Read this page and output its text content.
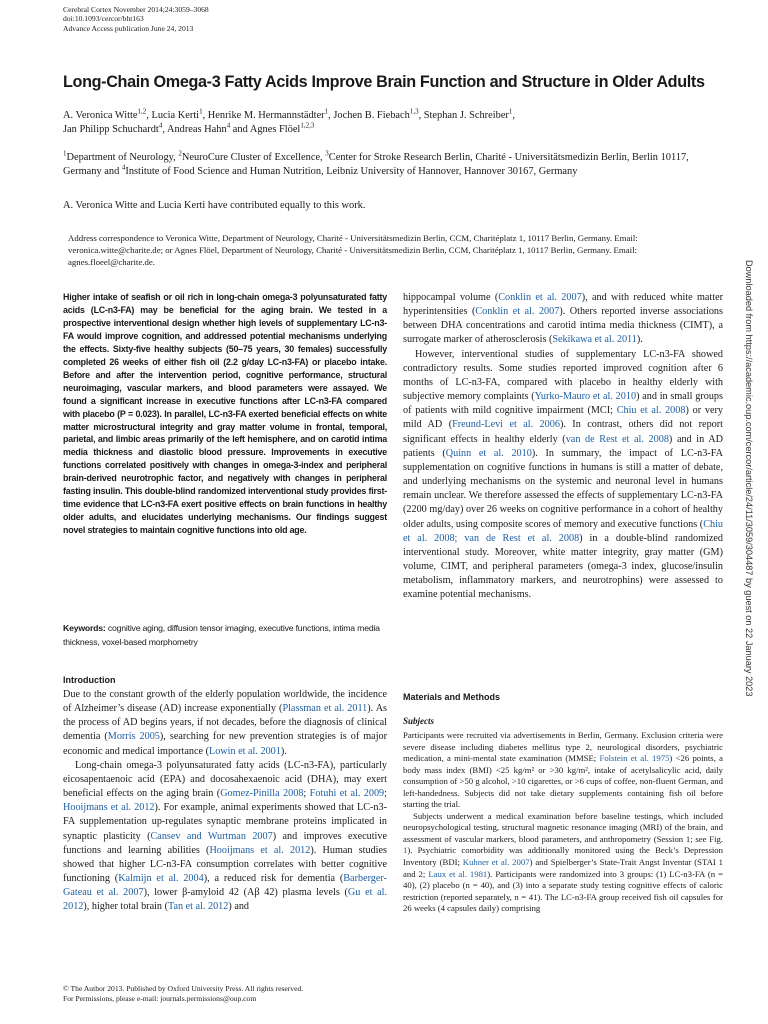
Cerebral Cortex November 2014;24:3059–3068
doi:10.1093/cercor/bht163
Advance Access publication June 24, 2013
Long-Chain Omega-3 Fatty Acids Improve Brain Function and Structure in Older Adults
A. Veronica Witte$^{1,2}$, Lucia Kerti$^1$, Henrike M. Hermannstädter$^1$, Jochen B. Fiebach$^{1,3}$, Stephan J. Schreiber$^1$,
Jan Philipp Schuchardt$^4$, Andreas Hahn$^4$ and Agnes Flöel$^{1,2,3}$
$^1$Department of Neurology, $^2$NeuroCure Cluster of Excellence, $^3$Center for Stroke Research Berlin, Charité - Universitätsmedizin Berlin, Berlin 10117, Germany and $^4$Institute of Food Science and Human Nutrition, Leibniz University of Hannover, Hannover 30167, Germany
A. Veronica Witte and Lucia Kerti have contributed equally to this work.
Address correspondence to Veronica Witte, Department of Neurology, Charité - Universitätsmedizin Berlin, CCM, Charitéplatz 1, 10117 Berlin, Germany. Email: veronica.witte@charite.de; or Agnes Flöel, Department of Neurology, Charité - Universitätsmedizin Berlin, CCM, Charitéplatz 1, 10117 Berlin, Germany. Email: agnes.floeel@charite.de.	Downloaded from https://academic.oup.com/cercor/article/24/11/3059/304487 by guest on 22 January 2023

Higher intake of seafish or oil rich in long-chain omega-3 polyunsaturated fatty acids (LC-n3-FA) may be beneficial for the aging brain. We tested in a prospective interventional design whether high levels of supplementary LC-n3-FA would improve cognition, and addressed potential mechanisms underlying the effects. Sixty-five healthy subjects (50–75 years, 30 females) successfully completed 26 weeks of either fish oil (2.2 g/day LC-n3-FA) or placebo intake. Before and after the intervention period, cognitive performance, structural neuroimaging, vascular markers, and blood parameters were assayed. We found a significant increase in executive functions after LC-n3-FA compared with placebo (P = 0.023). In parallel, LC-n3-FA exerted beneficial effects on white matter microstructural integrity and gray matter volume in frontal, temporal, parietal, and limbic areas primarily of the left hemisphere, and on carotid intima media thickness and diastolic blood pressure. Improvements in executive functions correlated positively with changes in omega-3-index and peripheral brain-derived neurotrophic factor, and negatively with changes in peripheral fasting insulin. This double-blind randomized interventional study provides first-time evidence that LC-n3-FA exert positive effects on brain functions in healthy older adults, and elucidates underlying mechanisms. Our findings suggest novel strategies to maintain cognitive functions into old age.

Keywords: cognitive aging, diffusion tensor imaging, executive functions, intima media thickness, voxel-based morphometry

Introduction

Due to the constant growth of the elderly population worldwide, the incidence of Alzheimer’s disease (AD) increase exponentially (Plassman et al. 2011). As the process of AD begins years, if not decades, before the diagnosis of clinical dementia (Morris 2005), searching for new prevention strategies is of major economic and medical importance (Lowin et al. 2001).

Long-chain omega-3 polyunsaturated fatty acids (LC-n3-FA), particularly eicosapentaenoic acid (EPA) and docosahexaenoic acid (DHA), may exert beneficial effects on the aging brain (Gomez-Pinilla 2008; Fotuhi et al. 2009; Hooijmans et al. 2012). For example, animal experiments showed that LC-n3-FA supplementation up-regulates synaptic membrane proteins implicated in synaptic plasticity (Cansev and Wurtman 2007) and improves executive functions and learning abilities (Hooijmans et al. 2012). Human studies showed that higher LC-n3-FA consumption correlates with better cognitive functioning (Kalmijn et al. 2004), a reduced risk for dementia (Barberger-Gateau et al. 2007), lower β-amyloid 42 (Aβ 42) plasma levels (Gu et al. 2012), higher total brain (Tan et al. 2012) and

hippocampal volume (Conklin et al. 2007), and with reduced white matter hyperintensities (Conklin et al. 2007). Others reported inverse associations between DHA concentrations and carotid intima media thickness (CIMT), a surrogate marker of atherosclerosis (Sekikawa et al. 2011).

However, interventional studies of supplementary LC-n3-FA showed contradictory results. Some studies reported improved cognition after 6 months of LC-n3-FA, compared with placebo in healthy elderly with subjective memory complaints (Yurko-Mauro et al. 2010) and in small groups of patients with mild cognitive impairment (MCI; Chiu et al. 2008) or very mild AD (Freund-Levi et al. 2006). In contrast, others did not report significant effects in healthy elderly (van de Rest et al. 2008) and in AD patients (Quinn et al. 2010). In summary, the impact of LC-n3-FA supplementation on cognitive functions in humans is still a matter of debate, and underlying mechanisms on the systemic and neuronal level in humans remain unclear. We therefore assessed the effects of supplementary LC-n3-FA (2200 mg/day) over 26 weeks on cognitive performance in a cohort of healthy older adults, using composite scores of memory and executive functions (Chiu et al. 2008; van de Rest et al. 2008) in a double-blind randomized interventional study. Moreover, white matter integrity, gray matter (GM) volume, CIMT, and peripheral parameters (omega-3 index, glucose/insulin metabolism, inflammatory markers, and neurotrophins) were assessed to examine potential mechanisms.

Materials and Methods
Subjects

Participants were recruited via advertisements in Berlin, Germany. Exclusion criteria were severe disease including diabetes mellitus type 2, neurological disorders, psychiatric medication, a mini-mental state examination (MMSE; Folstein et al. 1975) <26 points, a body mass index (BMI) <25 kg/m² or >30 kg/m², intake of acetylsalicylic acid, daily consumption of >50 g alcohol, >10 cigarettes, or >6 cups of coffee, non-fluent German, and left-handedness. Subjects did not take dietary supplements containing fish oil before starting the trial.

Subjects underwent a medical examination before baseline testings, which included neuropsychological testing, structural magnetic resonance imaging (MRI) of the brain, and assessment of vascular markers, blood parameters, and anthropometry (Session 1; see Fig. 1). Psychiatric comorbidity was additionally monitored using the Beck’s Depression Inventory (BDI; Kuhner et al. 2007) and Spielberger’s State-Trait Angst Inventar (STAI 1 and 2; Laux et al. 1981). Participants were randomized into 3 groups: (1) LC-n3-FA (n = 40), (2) placebo (n = 40), and (3) into a separate study testing cognitive effects of caloric restriction (reported separately, n = 41). The LC-n3-FA group received fish oil capsules for 26 weeks (4 capsules daily) comprising

© The Author 2013. Published by Oxford University Press. All rights reserved.
For Permissions, please e-mail: journals.permissions@oup.com
